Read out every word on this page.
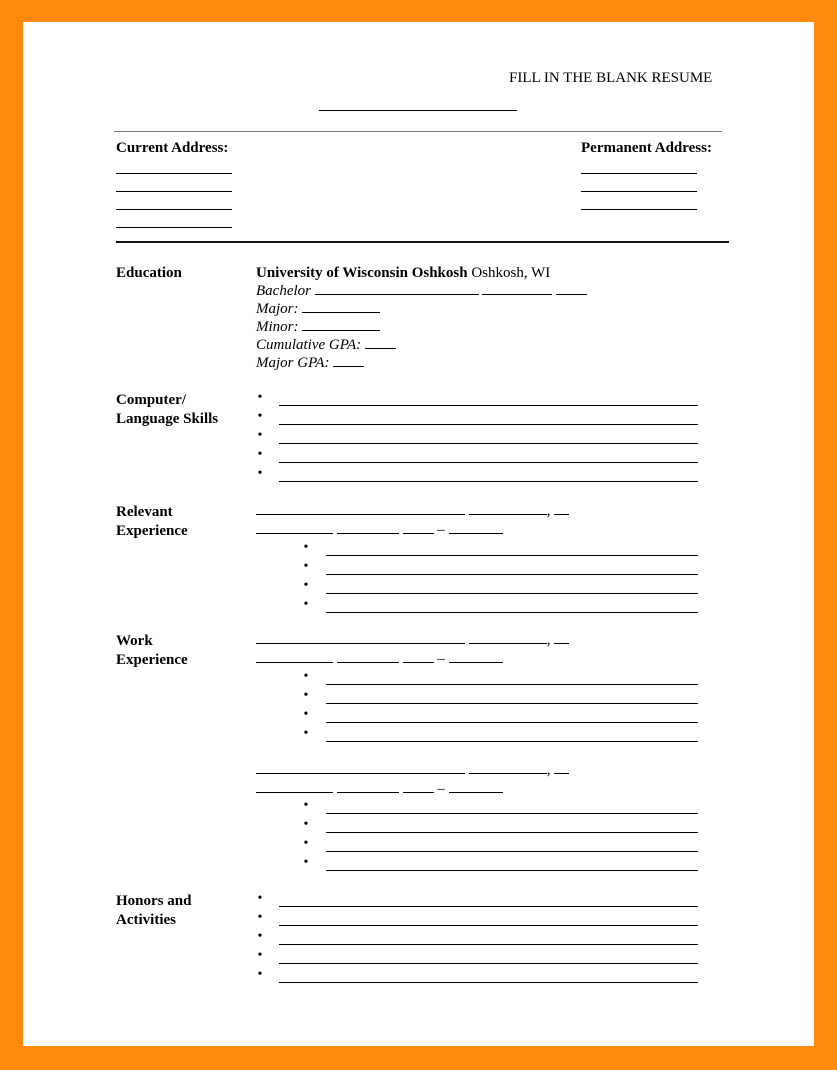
FILL IN THE BLANK RESUME
Current Address:	Permanent Address:
Education	University of Wisconsin Oshkosh Oshkosh, WI
Bachelor
Major:
Minor:
Cumulative GPA:
Major GPA:
Computer/
Language Skills
•
•
•
•
•
Relevant
Experience
,
–
•
•
•
•
Work
Experience
,
–
•
•
•
•
,
–
•
•
•
•
Honors and
Activities
•
•
•
•
•
